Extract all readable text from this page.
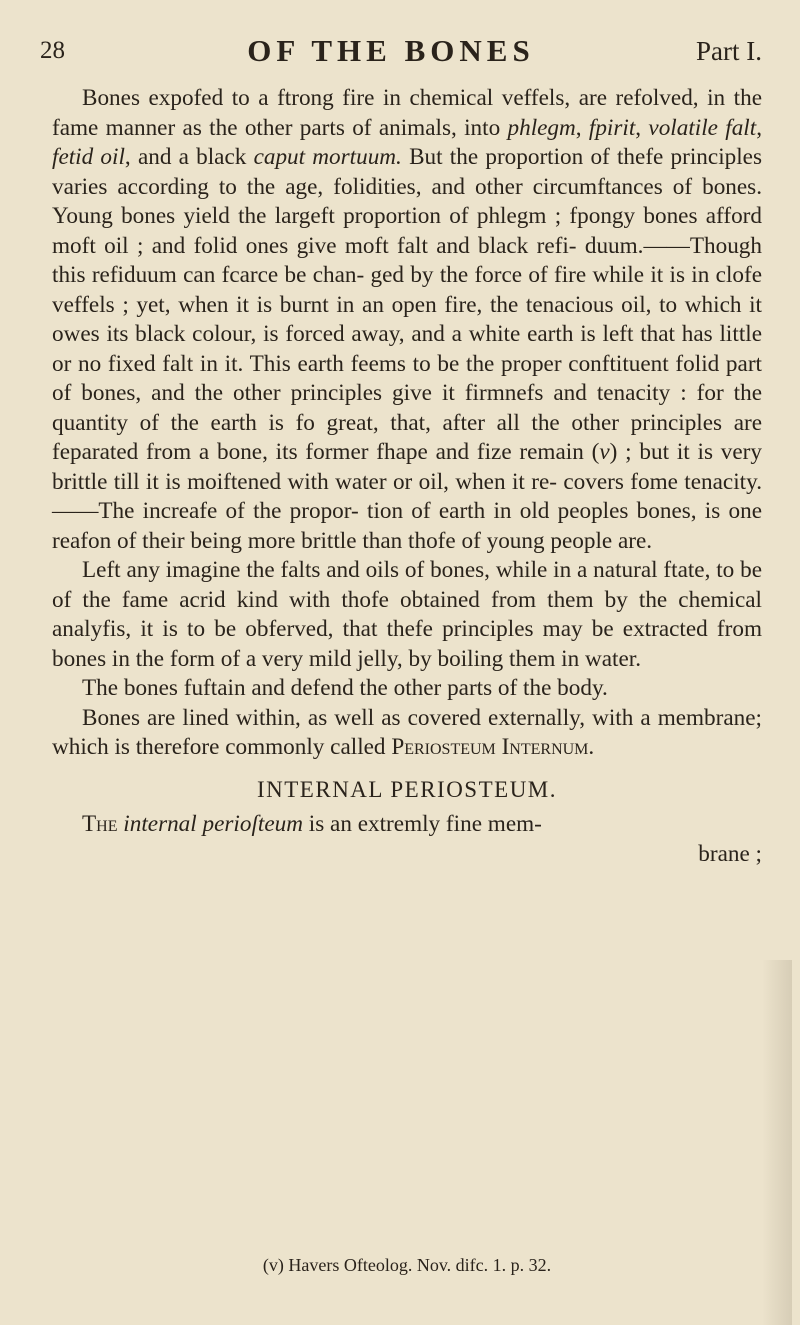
28	OF THE BONES	Part I.

Bones expofed to a ftrong fire in chemical veffels, are refolved, in the fame manner as the other parts of animals, into phlegm, fpirit, volatile falt, fetid oil, and a black caput mortuum. But the proportion of thefe principles varies according to the age, folidities, and other circumftances of bones. Young bones yield the largeft proportion of phlegm ; fpongy bones afford moft oil ; and folid ones give moft falt and black refi- duum.——Though this refiduum can fcarce be chan- ged by the force of fire while it is in clofe veffels ; yet, when it is burnt in an open fire, the tenacious oil, to which it owes its black colour, is forced away, and a white earth is left that has little or no fixed falt in it. This earth feems to be the proper conftituent folid part of bones, and the other principles give it firmnefs and tenacity : for the quantity of the earth is fo great, that, after all the other principles are feparated from a bone, its former fhape and fize remain (v) ; but it is very brittle till it is moiftened with water or oil, when it re- covers fome tenacity.——The increafe of the propor- tion of earth in old peoples bones, is one reafon of their being more brittle than thofe of young people are.

Left any imagine the falts and oils of bones, while in a natural ftate, to be of the fame acrid kind with thofe obtained from them by the chemical analyfis, it is to be obferved, that thefe principles may be extracted from bones in the form of a very mild jelly, by boiling them in water.

The bones fuftain and defend the other parts of the body.

Bones are lined within, as well as covered externally, with a membrane; which is therefore commonly called Periosteum Internum.

INTERNAL PERIOSTEUM.

The internal perioſteum is an extremly fine mem-

brane ;
(v) Havers Ofteolog. Nov. difc. 1. p. 32.
